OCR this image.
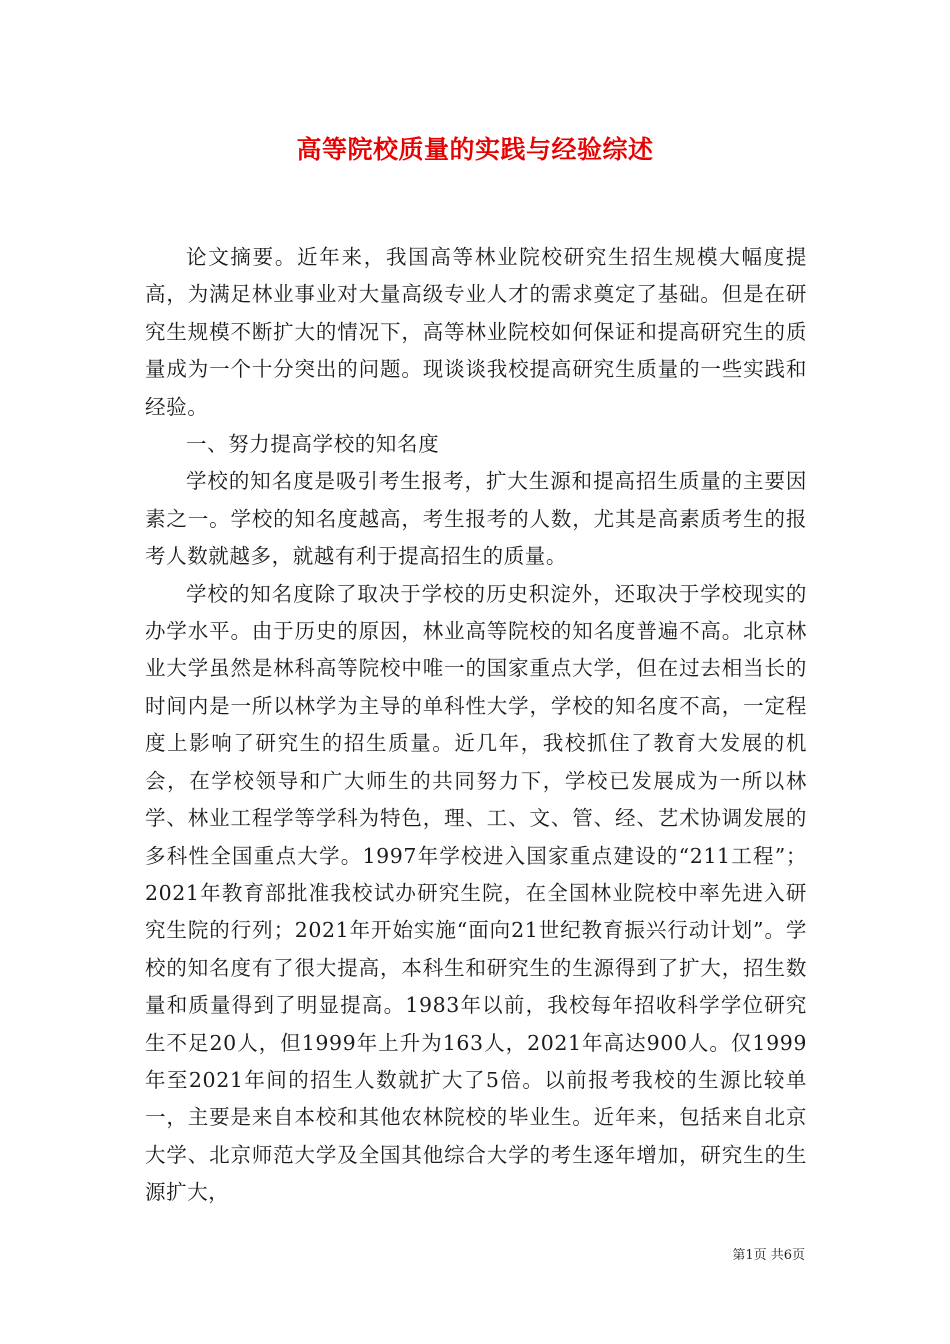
高等院校质量的实践与经验综述

论文摘要。近年来，我国高等林业院校研究生招生规模大幅度提高，为满足林业事业对大量高级专业人才的需求奠定了基础。但是在研究生规模不断扩大的情况下，高等林业院校如何保证和提高研究生的质量成为一个十分突出的问题。现谈谈我校提高研究生质量的一些实践和经验。

一、努力提高学校的知名度

学校的知名度是吸引考生报考，扩大生源和提高招生质量的主要因素之一。学校的知名度越高，考生报考的人数，尤其是高素质考生的报考人数就越多，就越有利于提高招生的质量。

学校的知名度除了取决于学校的历史积淀外，还取决于学校现实的办学水平。由于历史的原因，林业高等院校的知名度普遍不高。北京林业大学虽然是林科高等院校中唯一的国家重点大学，但在过去相当长的时间内是一所以林学为主导的单科性大学，学校的知名度不高，一定程度上影响了研究生的招生质量。近几年，我校抓住了教育大发展的机会，在学校领导和广大师生的共同努力下，学校已发展成为一所以林学、林业工程学等学科为特色，理、工、文、管、经、艺术协调发展的多科性全国重点大学。1997年学校进入国家重点建设的“211工程”；2021年教育部批准我校试办研究生院，在全国林业院校中率先进入研究生院的行列；2021年开始实施“面向21世纪教育振兴行动计划”。学校的知名度有了很大提高，本科生和研究生的生源得到了扩大，招生数量和质量得到了明显提高。1983年以前，我校每年招收科学学位研究生不足20人，但1999年上升为163人，2021年高达900人。仅1999年至2021年间的招生人数就扩大了5倍。以前报考我校的生源比较单一，主要是来自本校和其他农林院校的毕业生。近年来，包括来自北京大学、北京师范大学及全国其他综合大学的考生逐年增加，研究生的生源扩大，

第1页 共6页
